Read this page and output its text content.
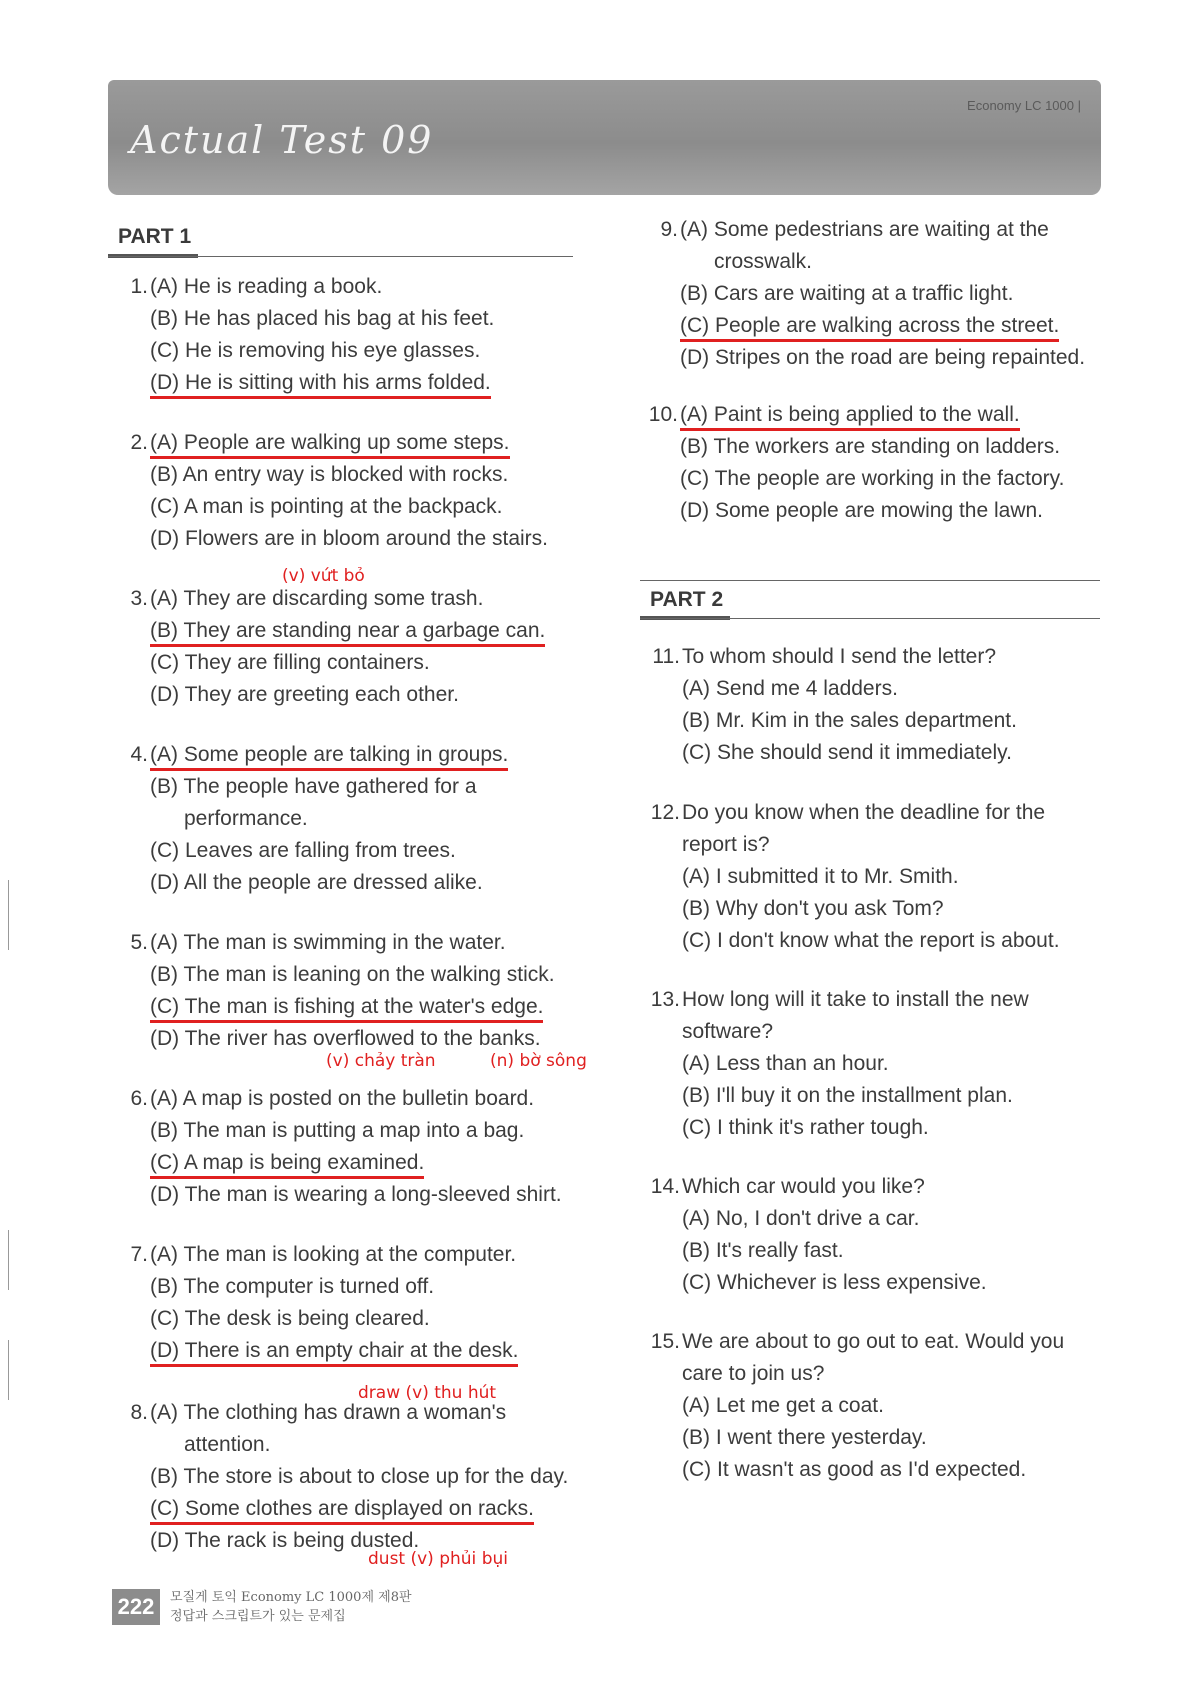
Actual Test 09
Economy LC 1000 |
PART 1
1. (A) He is reading a book.
(B) He has placed his bag at his feet.
(C) He is removing his eye glasses.
(D) He is sitting with his arms folded.
2. (A) People are walking up some steps.
(B) An entry way is blocked with rocks.
(C) A man is pointing at the backpack.
(D) Flowers are in bloom around the stairs.
(v) vứt bỏ
3. (A) They are discarding some trash.
(B) They are standing near a garbage can.
(C) They are filling containers.
(D) They are greeting each other.
4. (A) Some people are talking in groups.
(B) The people have gathered for a performance.
(C) Leaves are falling from trees.
(D) All the people are dressed alike.
5. (A) The man is swimming in the water.
(B) The man is leaning on the walking stick.
(C) The man is fishing at the water's edge.
(D) The river has overflowed to the banks.
(v) chảy tràn	(n) bờ sông
6. (A) A map is posted on the bulletin board.
(B) The man is putting a map into a bag.
(C) A map is being examined.
(D) The man is wearing a long-sleeved shirt.
7. (A) The man is looking at the computer.
(B) The computer is turned off.
(C) The desk is being cleared.
(D) There is an empty chair at the desk.
draw (v) thu hút
8. (A) The clothing has drawn a woman's attention.
(B) The store is about to close up for the day.
(C) Some clothes are displayed on racks.
(D) The rack is being dusted.
dust (v) phủi bụi
9. (A) Some pedestrians are waiting at the crosswalk.
(B) Cars are waiting at a traffic light.
(C) People are walking across the street.
(D) Stripes on the road are being repainted.
10. (A) Paint is being applied to the wall.
(B) The workers are standing on ladders.
(C) The people are working in the factory.
(D) Some people are mowing the lawn.
PART 2
11. To whom should I send the letter?
(A) Send me 4 ladders.
(B) Mr. Kim in the sales department.
(C) She should send it immediately.
12. Do you know when the deadline for the report is?
(A) I submitted it to Mr. Smith.
(B) Why don't you ask Tom?
(C) I don't know what the report is about.
13. How long will it take to install the new software?
(A) Less than an hour.
(B) I'll buy it on the installment plan.
(C) I think it's rather tough.
14. Which car would you like?
(A) No, I don't drive a car.
(B) It's really fast.
(C) Whichever is less expensive.
15. We are about to go out to eat. Would you care to join us?
(A) Let me get a coat.
(B) I went there yesterday.
(C) It wasn't as good as I'd expected.
222	모질게 토익 Economy LC 1000제 제8판
정답과 스크립트가 있는 문제집
